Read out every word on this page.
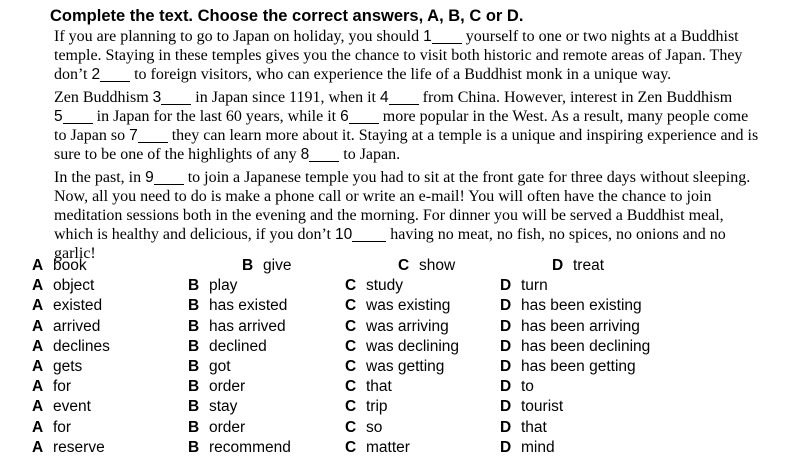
Complete the text. Choose the correct answers, A, B, C or D.
If you are planning to go to Japan on holiday, you should 1 yourself to one or two nights at a Buddhist
temple. Staying in these temples gives you the chance to visit both historic and remote areas of Japan. They
don’t 2 to foreign visitors, who can experience the life of a Buddhist monk in a unique way.
Zen Buddhism 3 in Japan since 1191, when it 4 from China. However, interest in Zen Buddhism
5 in Japan for the last 60 years, while it 6 more popular in the West. As a result, many people come
to Japan so 7 they can learn more about it. Staying at a temple is a unique and inspiring experience and is
sure to be one of the highlights of any 8 to Japan.
In the past, in 9 to join a Japanese temple you had to sit at the front gate for three days without sleeping.
Now, all you need to do is make a phone call or write an e-mail! You will often have the chance to join
meditation sessions both in the evening and the morning. For dinner you will be served a Buddhist meal,
which is healthy and delicious, if you don’t 10 having no meat, no fish, no spices, no onions and no
garlic!
A book	B give	C show	D treat
A object	B play	C study	D turn
A existed	B has existed	C was existing	D has been existing
A arrived	B has arrived	C was arriving	D has been arriving
A declines	B declined	C was declining	D has been declining
A gets	B got	C was getting	D has been getting
A for	B order	C that	D to
A event	B stay	C trip	D tourist
A for	B order	C so	D that
A reserve	B recommend	C matter	D mind
